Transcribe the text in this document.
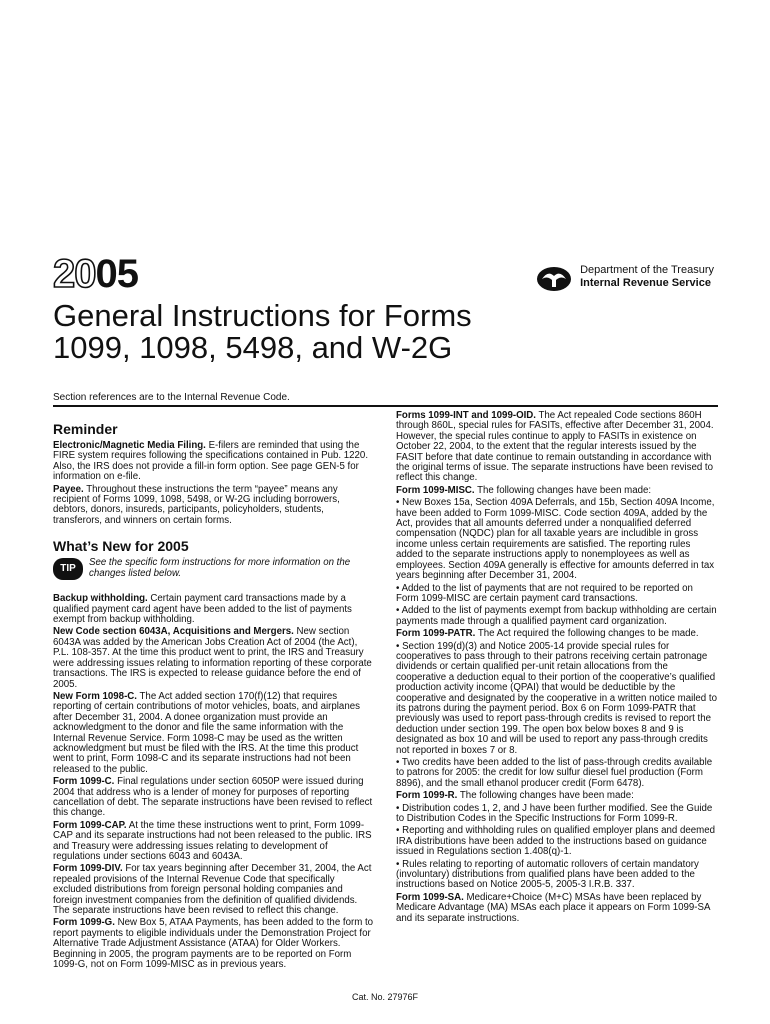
2005	Department of the Treasury
Internal Revenue Service
General Instructions for Forms 1099, 1098, 5498, and W-2G
Section references are to the Internal Revenue Code.
Reminder

Electronic/Magnetic Media Filing. E-filers are reminded that using the FIRE system requires following the specifications contained in Pub. 1220. Also, the IRS does not provide a fill-in form option. See page GEN-5 for information on e-file.

Payee. Throughout these instructions the term “payee” means any recipient of Forms 1099, 1098, 5498, or W-2G including borrowers, debtors, donors, insureds, participants, policyholders, students, transferors, and winners on certain forms.

What’s New for 2005
TIP
See the specific form instructions for more information on the changes listed below.

Backup withholding. Certain payment card transactions made by a qualified payment card agent have been added to the list of payments exempt from backup withholding.

New Code section 6043A, Acquisitions and Mergers. New section 6043A was added by the American Jobs Creation Act of 2004 (the Act), P.L. 108-357. At the time this product went to print, the IRS and Treasury were addressing issues relating to information reporting of these corporate transactions. The IRS is expected to release guidance before the end of 2005.

New Form 1098-C. The Act added section 170(f)(12) that requires reporting of certain contributions of motor vehicles, boats, and airplanes after December 31, 2004. A donee organization must provide an acknowledgment to the donor and file the same information with the Internal Revenue Service. Form 1098-C may be used as the written acknowledgment but must be filed with the IRS. At the time this product went to print, Form 1098-C and its separate instructions had not been released to the public.

Form 1099-C. Final regulations under section 6050P were issued during 2004 that address who is a lender of money for purposes of reporting cancellation of debt. The separate instructions have been revised to reflect this change.

Form 1099-CAP. At the time these instructions went to print, Form 1099-CAP and its separate instructions had not been released to the public. IRS and Treasury were addressing issues relating to development of regulations under sections 6043 and 6043A.

Form 1099-DIV. For tax years beginning after December 31, 2004, the Act repealed provisions of the Internal Revenue Code that specifically excluded distributions from foreign personal holding companies and foreign investment companies from the definition of qualified dividends. The separate instructions have been revised to reflect this change.

Form 1099-G. New Box 5, ATAA Payments, has been added to the form to report payments to eligible individuals under the Demonstration Project for Alternative Trade Adjustment Assistance (ATAA) for Older Workers. Beginning in 2005, the program payments are to be reported on Form 1099-G, not on Form 1099-MISC as in previous years.

Forms 1099-INT and 1099-OID. The Act repealed Code sections 860H through 860L, special rules for FASITs, effective after December 31, 2004. However, the special rules continue to apply to FASITs in existence on October 22, 2004, to the extent that the regular interests issued by the FASIT before that date continue to remain outstanding in accordance with the original terms of issue. The separate instructions have been revised to reflect this change.

Form 1099-MISC. The following changes have been made:

• New Boxes 15a, Section 409A Deferrals, and 15b, Section 409A Income, have been added to Form 1099-MISC. Code section 409A, added by the Act, provides that all amounts deferred under a nonqualified deferred compensation (NQDC) plan for all taxable years are includible in gross income unless certain requirements are satisfied. The reporting rules added to the separate instructions apply to nonemployees as well as employees. Section 409A generally is effective for amounts deferred in tax years beginning after December 31, 2004.

• Added to the list of payments that are not required to be reported on Form 1099-MISC are certain payment card transactions.

• Added to the list of payments exempt from backup withholding are certain payments made through a qualified payment card organization.

Form 1099-PATR. The Act required the following changes to be made.

• Section 199(d)(3) and Notice 2005-14 provide special rules for cooperatives to pass through to their patrons receiving certain patronage dividends or certain qualified per-unit retain allocations from the cooperative a deduction equal to their portion of the cooperative’s qualified production activity income (QPAI) that would be deductible by the cooperative and designated by the cooperative in a written notice mailed to its patrons during the payment period. Box 6 on Form 1099-PATR that previously was used to report pass-through credits is revised to report the deduction under section 199. The open box below boxes 8 and 9 is designated as box 10 and will be used to report any pass-through credits not reported in boxes 7 or 8.

• Two credits have been added to the list of pass-through credits available to patrons for 2005: the credit for low sulfur diesel fuel production (Form 8896), and the small ethanol producer credit (Form 6478).

Form 1099-R. The following changes have been made:

• Distribution codes 1, 2, and J have been further modified. See the Guide to Distribution Codes in the Specific Instructions for Form 1099-R.

• Reporting and withholding rules on qualified employer plans and deemed IRA distributions have been added to the instructions based on guidance issued in Regulations section 1.408(q)-1.

• Rules relating to reporting of automatic rollovers of certain mandatory (involuntary) distributions from qualified plans have been added to the instructions based on Notice 2005-5, 2005-3 I.R.B. 337.

Form 1099-SA. Medicare+Choice (M+C) MSAs have been replaced by Medicare Advantage (MA) MSAs each place it appears on Form 1099-SA and its separate instructions.

Cat. No. 27976F
